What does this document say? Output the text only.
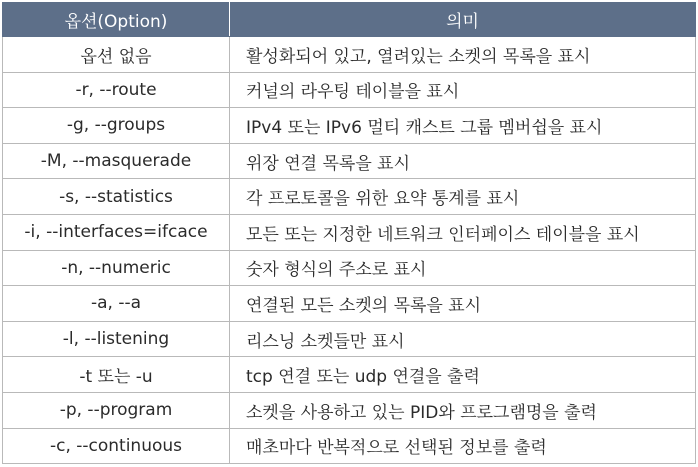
옵션(Option)	의미
옵션 없음	활성화되어 있고, 열려있는 소켓의 목록을 표시
-r, --route	커널의 라우팅 테이블을 표시
-g, --groups	IPv4 또는 IPv6 멀티 캐스트 그룹 멤버쉽을 표시
-M, --masquerade	위장 연결 목록을 표시
-s, --statistics	각 프로토콜을 위한 요약 통계를 표시
-i, --interfaces=ifcace	모든 또는 지정한 네트워크 인터페이스 테이블을 표시
-n, --numeric	숫자 형식의 주소로 표시
-a, --a	연결된 모든 소켓의 목록을 표시
-l, --listening	리스닝 소켓들만 표시
-t 또는 -u	tcp 연결 또는 udp 연결을 출력
-p, --program	소켓을 사용하고 있는 PID와 프로그램명을 출력
-c, --continuous	매초마다 반복적으로 선택된 정보를 출력
